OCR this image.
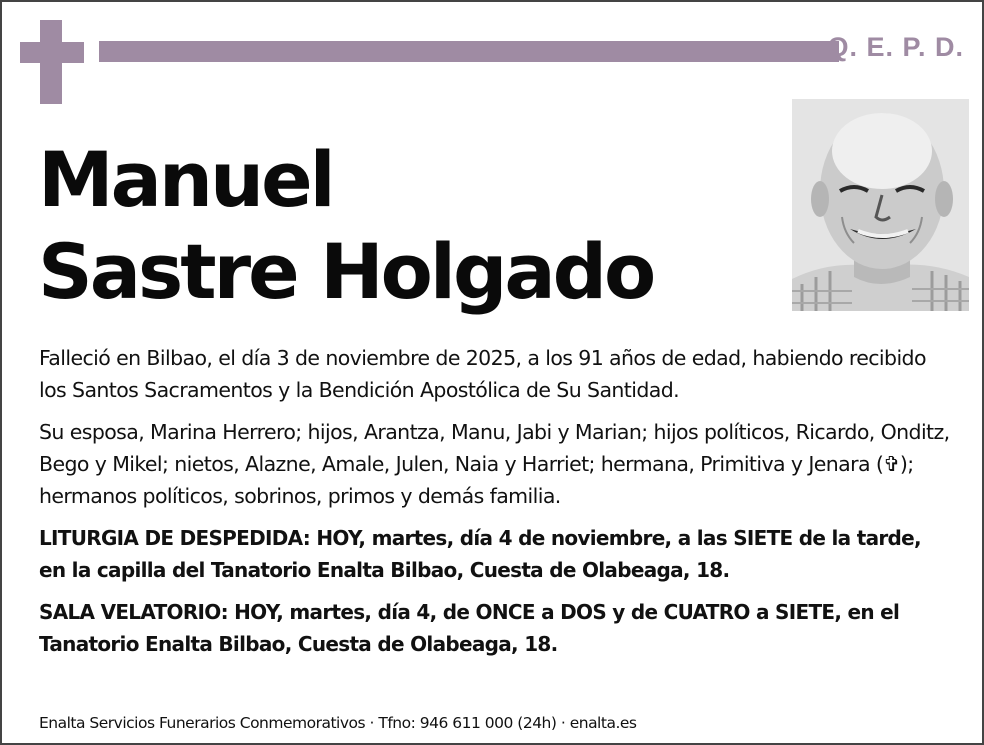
Q. E. P. D.
Manuel
Sastre Holgado

Falleció en Bilbao, el día 3 de noviembre de 2025, a los 91 años de edad, habiendo recibido los Santos Sacramentos y la Bendición Apostólica de Su Santidad.

Su esposa, Marina Herrero; hijos, Arantza, Manu, Jabi y Marian; hijos políticos, Ricardo, Onditz, Bego y Mikel; nietos, Alazne, Amale, Julen, Naia y Harriet; hermana, Primitiva y Jenara (✞); hermanos políticos, sobrinos, primos y demás familia.

LITURGIA DE DESPEDIDA: HOY, martes, día 4 de noviembre, a las SIETE de la tarde, en la capilla del Tanatorio Enalta Bilbao, Cuesta de Olabeaga, 18.

SALA VELATORIO: HOY, martes, día 4, de ONCE a DOS y de CUATRO a SIETE, en el Tanatorio Enalta Bilbao, Cuesta de Olabeaga, 18.

Enalta Servicios Funerarios Conmemorativos · Tfno: 946 611 000 (24h) · enalta.es
